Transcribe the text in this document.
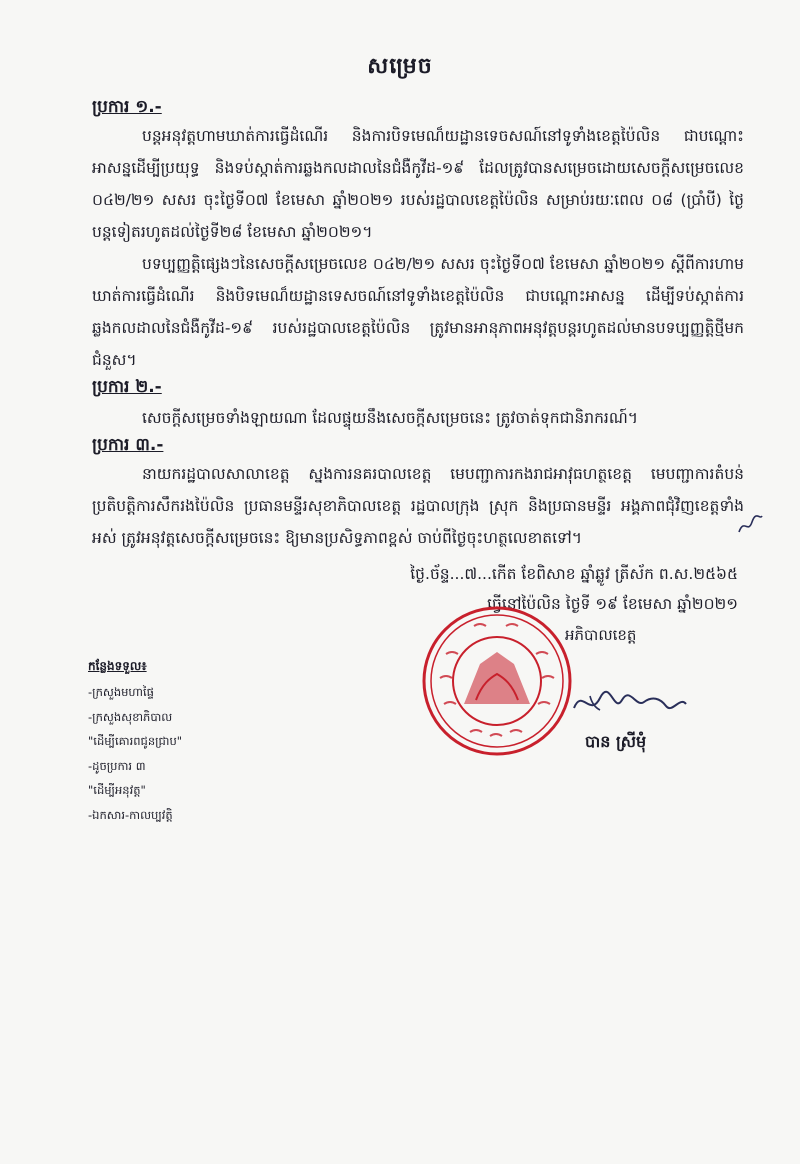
សម្រេច
ប្រការ ១.-
បន្តអនុវត្តហាមឃាត់ការធ្វើដំណើរ និងការបិទមេណ៏យដ្ឋានទេចសណ៍នៅទូទាំងខេត្តប៉ៃលិន ជាបណ្តោះអាសន្នដើម្បីប្រយុទ្ធ និងទប់ស្កាត់ការឆ្លងកលដាលនៃជំងឺកូវីដ-១៩ ដែលត្រូវបានសម្រេចដោយសេចក្តីសម្រេចលេខ ០៤២/២១ សសរ ចុះថ្ងៃទី០៧ ខែមេសា ឆ្នាំ២០២១ របស់រដ្ឋបាលខេត្តប៉ៃលិន សម្រាប់រយៈពេល ០៨ (ប្រាំបី) ថ្ងៃ បន្តទៀតរហូតដល់ថ្ងៃទី២៨ ខែមេសា ឆ្នាំ២០២១។
បទប្បញ្ញត្តិផ្សេងៗនៃសេចក្តីសម្រេចលេខ ០៤២/២១ សសរ ចុះថ្ងៃទី០៧ ខែមេសា ឆ្នាំ២០២១ ស្តីពីការហាមឃាត់ការធ្វើដំណើរ និងបិទមេណ៏យដ្ឋានទេសចណ៍នៅទូទាំងខេត្តប៉ៃលិន ជាបណ្តោះអាសន្ន ដើម្បីទប់ស្កាត់ការឆ្លងកលដាលនៃជំងឺកូវីដ-១៩ របស់រដ្ឋបាលខេត្តប៉ៃលិន ត្រូវមានអានុភាពអនុវត្តបន្តរហូតដល់មានបទប្បញ្ញត្តិថ្មីមកជំនួស។
ប្រការ ២.-
សេចក្តីសម្រេចទាំងឡាយណា ដែលផ្ទុយនឹងសេចក្តីសម្រេចនេះ ត្រូវចាត់ទុកជានិរាករណ៍។
ប្រការ ៣.-
នាយករដ្ឋបាលសាលាខេត្ត ស្នងការនគរបាលខេត្ត មេបញ្ជាការកងរាជអាវុធហត្ថខេត្ត មេបញ្ជាការតំបន់ប្រតិបត្តិការសឹករងប៉ៃលិន ប្រធានមន្ទីរសុខាភិបាលខេត្ត រដ្ឋបាលក្រុង ស្រុក និងប្រធានមន្ទីរ អង្គភាពជុំវិញខេត្តទាំងអស់ ត្រូវអនុវត្តសេចក្តីសម្រេចនេះ ឱ្យមានប្រសិទ្ធភាពខ្ពស់ ចាប់ពីថ្ងៃចុះហត្ថលេខាតទៅ។
ថ្ងៃ.ច័ន្ទ...៧...កើត ខែពិសាខ ឆ្នាំឆ្លូវ ត្រីស័ក ព.ស.២៥៦៥
ធ្វើនៅប៉ៃលិន ថ្ងៃទី ១៩ ខែមេសា ឆ្នាំ២០២១
អភិបាលខេត្ត
បាន ស្រីមុំ
កន្លែងទទួល៖
-ក្រសួងមហាផ្ទៃ
-ក្រសួងសុខាភិបាល
"ដើម្បីគោរពជូនជ្រាប"
-ដូចប្រការ ៣
"ដើម្បីអនុវត្ត"
-ឯកសារ-កាលប្បវត្តិ
